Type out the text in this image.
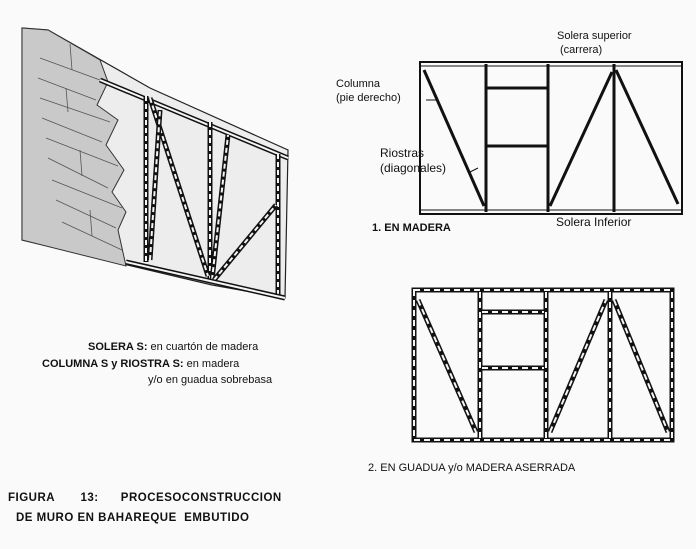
Solera superior
(carrera)
Columna
(pie derecho)
Riostras
(diagonales)
Solera Inferior
1. EN MADERA
2. EN GUADUA y/o MADERA ASERRADA
SOLERA S: en cuartón de madera
COLUMNA S y RIOSTRA S: en madera
y/o en guadua sobrebasa
FIGURA       13:      PROCESOCONSTRUCCION
DE MURO EN BAHAREQUE  EMBUTIDO
